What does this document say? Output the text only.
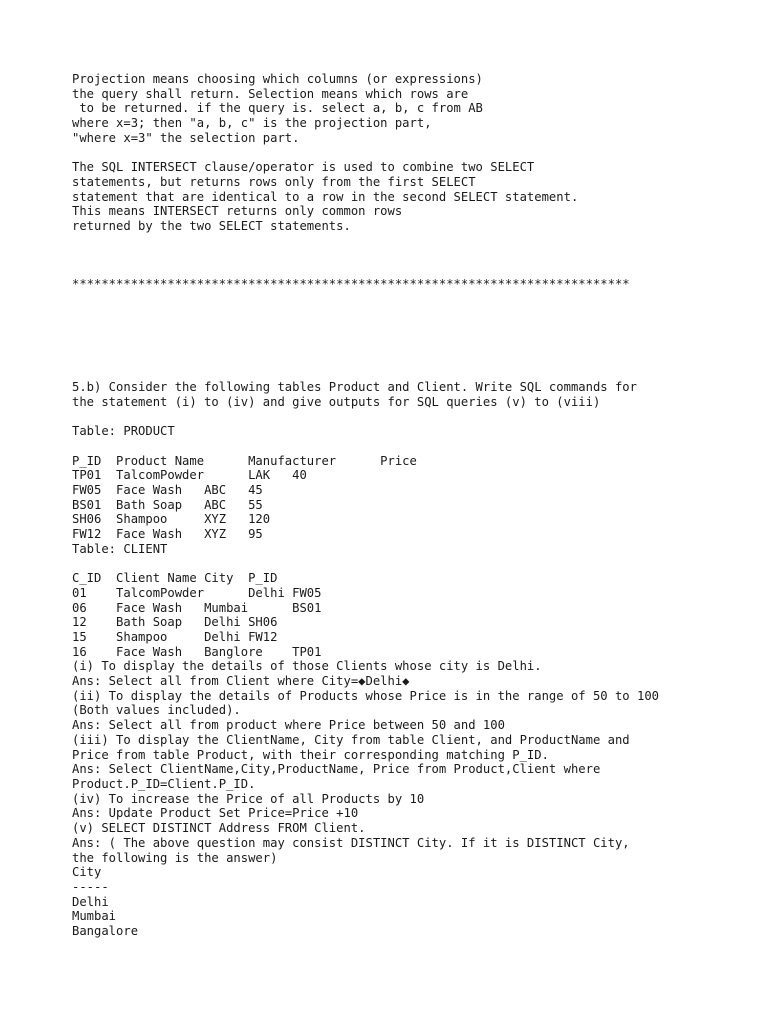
Projection means choosing which columns (or expressions)
the query shall return. Selection means which rows are
to be returned. if the query is. select a, b, c from AB
where x=3; then "a, b, c" is the projection part,
"where x=3" the selection part.

The SQL INTERSECT clause/operator is used to combine two SELECT
statements, but returns rows only from the first SELECT
statement that are identical to a row in the second SELECT statement.
This means INTERSECT returns only common rows
returned by the two SELECT statements.
****************************************************************************
5.b) Consider the following tables Product and Client. Write SQL commands for
the statement (i) to (iv) and give outputs for SQL queries (v) to (viii)

Table: PRODUCT

P_ID  Product Name      Manufacturer      Price
TP01  TalcomPowder      LAK   40
FW05  Face Wash   ABC   45
BS01  Bath Soap   ABC   55
SH06  Shampoo     XYZ   120
FW12  Face Wash   XYZ   95
Table: CLIENT

C_ID  Client Name City  P_ID
01    TalcomPowder      Delhi FW05
06    Face Wash   Mumbai      BS01
12    Bath Soap   Delhi SH06
15    Shampoo     Delhi FW12
16    Face Wash   Banglore    TP01
(i) To display the details of those Clients whose city is Delhi.
Ans: Select all from Client where City=◆Delhi◆
(ii) To display the details of Products whose Price is in the range of 50 to 100
(Both values included).
Ans: Select all from product where Price between 50 and 100
(iii) To display the ClientName, City from table Client, and ProductName and
Price from table Product, with their corresponding matching P_ID.
Ans: Select ClientName,City,ProductName, Price from Product,Client where
Product.P_ID=Client.P_ID.
(iv) To increase the Price of all Products by 10
Ans: Update Product Set Price=Price +10
(v) SELECT DISTINCT Address FROM Client.
Ans: ( The above question may consist DISTINCT City. If it is DISTINCT City,
the following is the answer)
City
-----
Delhi
Mumbai
Bangalore
